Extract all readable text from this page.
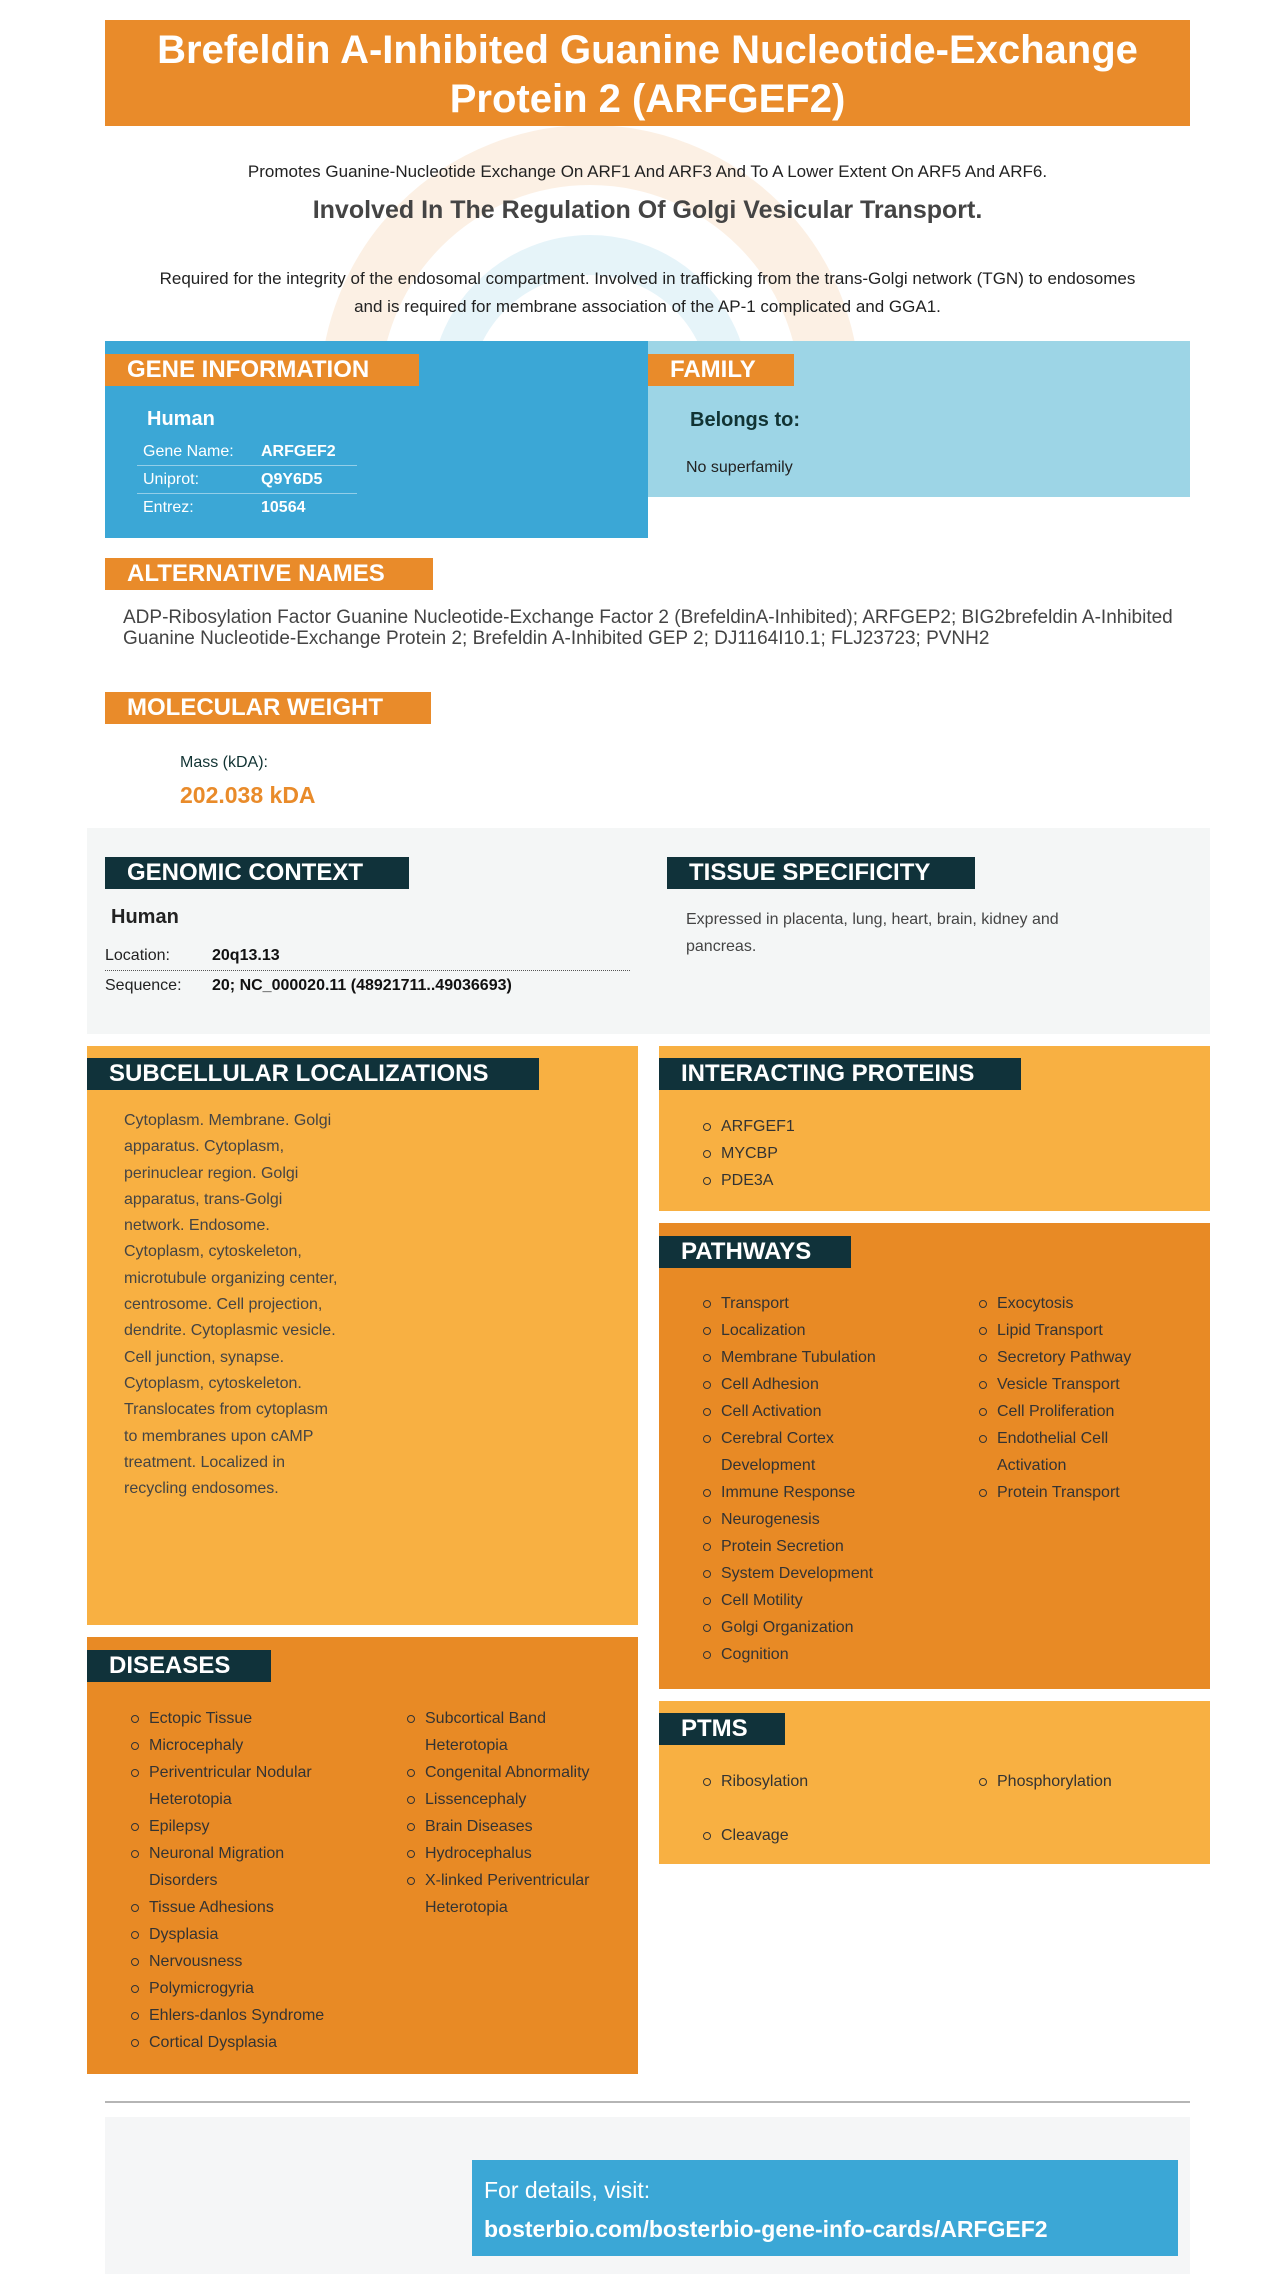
Brefeldin A-Inhibited Guanine Nucleotide-Exchange Protein 2 (ARFGEF2)
Promotes Guanine-Nucleotide Exchange On ARF1 And ARF3 And To A Lower Extent On ARF5 And ARF6.
Involved In The Regulation Of Golgi Vesicular Transport.
Required for the integrity of the endosomal compartment. Involved in trafficking from the trans-Golgi network (TGN) to endosomes and is required for membrane association of the AP-1 complicated and GGA1.
GENE INFORMATION
Human
Gene Name:	ARFGEF2
Uniprot:	Q9Y6D5
Entrez:	10564
FAMILY
Belongs to:
No superfamily
ALTERNATIVE NAMES
ADP-Ribosylation Factor Guanine Nucleotide-Exchange Factor 2 (BrefeldinA-Inhibited); ARFGEP2; BIG2brefeldin A-Inhibited Guanine Nucleotide-Exchange Protein 2; Brefeldin A-Inhibited GEP 2; DJ1164I10.1; FLJ23723; PVNH2
MOLECULAR WEIGHT
Mass (kDA):
202.038 kDA
GENOMIC CONTEXT
Human
Location:	20q13.13
Sequence:	20; NC_000020.11 (48921711..49036693)
TISSUE SPECIFICITY
Expressed in placenta, lung, heart, brain, kidney and pancreas.
SUBCELLULAR LOCALIZATIONS
Cytoplasm. Membrane. Golgi apparatus. Cytoplasm, perinuclear region. Golgi apparatus, trans-Golgi network. Endosome. Cytoplasm, cytoskeleton, microtubule organizing center, centrosome. Cell projection, dendrite. Cytoplasmic vesicle. Cell junction, synapse. Cytoplasm, cytoskeleton. Translocates from cytoplasm to membranes upon cAMP treatment. Localized in recycling endosomes.
INTERACTING PROTEINS
ARFGEF1
MYCBP
PDE3A
PATHWAYS
Transport
Localization
Membrane Tubulation
Cell Adhesion
Cell Activation
Cerebral Cortex Development
Immune Response
Neurogenesis
Protein Secretion
System Development
Cell Motility
Golgi Organization
Cognition
Exocytosis
Lipid Transport
Secretory Pathway
Vesicle Transport
Cell Proliferation
Endothelial Cell Activation
Protein Transport
DISEASES
Ectopic Tissue
Microcephaly
Periventricular Nodular Heterotopia
Epilepsy
Neuronal Migration Disorders
Tissue Adhesions
Dysplasia
Nervousness
Polymicrogyria
Ehlers-danlos Syndrome
Cortical Dysplasia
Subcortical Band Heterotopia
Congenital Abnormality
Lissencephaly
Brain Diseases
Hydrocephalus
X-linked Periventricular Heterotopia
PTMS
Ribosylation
Cleavage
Phosphorylation
For details, visit:
bosterbio.com/bosterbio-gene-info-cards/ARFGEF2
